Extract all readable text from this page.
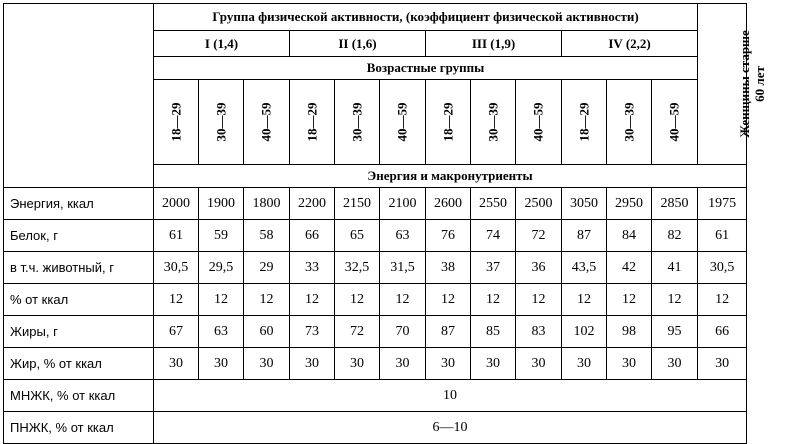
	Группа физической активности, (коэффициент физической активности)												Женщины старше 60 лет

	I (1,4)			II (1,6)			III (1,9)			IV (2,2)			
	Возрастные группы												
	18—29	30—39	40—59	18—29	30—39	40—59	18—29	30—39	40—59	18—29	30—39	40—59	
	Энергия и макронутриенты												
Энергия, ккал	2000	1900	1800	2200	2150	2100	2600	2550	2500	3050	2950	2850	1975
Белок, г	61	59	58	66	65	63	76	74	72	87	84	82	61
в т.ч. животный, г	30,5	29,5	29	33	32,5	31,5	38	37	36	43,5	42	41	30,5
% от ккал	12	12	12	12	12	12	12	12	12	12	12	12	12
Жиры, г	67	63	60	73	72	70	87	85	83	102	98	95	66
Жир, % от ккал	30	30	30	30	30	30	30	30	30	30	30	30	30
МНЖК, % от ккал	10												
ПНЖК, % от ккал	6—10												
